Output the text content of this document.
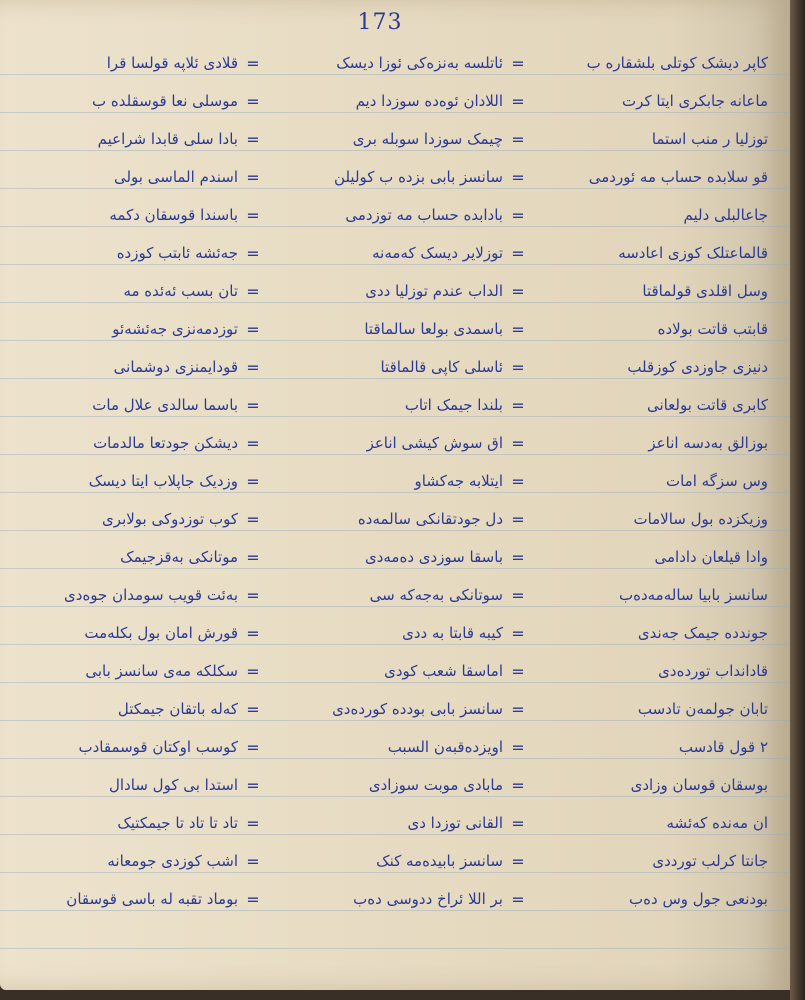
173
قلادی ئلاپە قولسا قرا =	ئاتلسە بەنزەکی ئوزا دیسک =	کاپر دیشک کوتلی بلشقارە ب
موسلی نعا قوسقلدە ب =	اللادان ئوەدە سوزدا دیم =	ماعانە جابکری ایتا کرت
بادا سلی قابدا شراعیم =	چیمک سوزدا سوبلە بری =	توزلیا ر منب استما
اسندم الماسی بولی =	سانسز بابی بزدە ب کولیلن =	قو سلابدە حساب مە ئوردمی
باسندا قوسقان دکمە =	بادابدە حساب مە توزدمی =	جاعالبلی دلیم
جەئشە ئابتب کوزدە =	توزلایر دیسک کەمەنە =	قالماعتلک کوزی اعادسە
تان بسب ئەئدە مە =	الداب عندم توزلیا ددی =	وسل اقلدی قولماقتا
توزدمەنزی جەئشەئو =	باسمدی بولعا سالماقتا =	قابتب قاتت بولادە
قودایمنزی دوشمانی =	ئاسلی کاپی قالماقتا =	دنیزی جاوزدی کوزقلب
باسما سالدی علال مات =	بلندا جیمک اتاب =	کابری قاتت بولعانی
دیشکن جودتعا مالدمات =	اق سوش کیشی اناعز =	بوزالق بەدسە اناعز
وزدیک جاپلاب ایتا دیسک =	ایتلابە جەکشاو =	وس سزگە امات
کوب توزدوکی بولابری =	دل جودتقانکی سالمەدە =	وزیکزدە بول سالامات
موتانکی بەقزجیمک =	باسقا سوزدی دەمەدی =	وادا قیلعان دادامی
بەئت قویب سومدان جوەدی =	سوتانکی بەجەکە سی =	سانسز بابیا سالەمەدەب
قورش امان بول بکلەمت =	کیبە قابتا بە ددی =	جونددە جیمک جەندی
سکلکە مەی سانسز بابی =	اماسقا شعب کودی =	قادانداب توردەدی
کەلە باتقان جیمکتل =	سانسز بابی بوددە کوردەدی =	تابان جولمەن تادسب
کوسب اوکتان قوسمقادب =	اویزدەقبەن السبب =	٢ قول قادسب
استدا بی کول سادال =	مابادی موبت سوزادی =	بوسقان قوسان وزادی
تاد تا تاد تا جیمکتیک =	القانی توزدا دی =	ان مەندە کەئشە
اشب کوزدی جومعانە =	سانسز بابیدەمە کنک =	جانتا کرلب تورددی
بوماد تقبه لە باسی قوسقان =	بر اللا ئراخ ددوسی دەب =	بودنعی جول وس دەب
